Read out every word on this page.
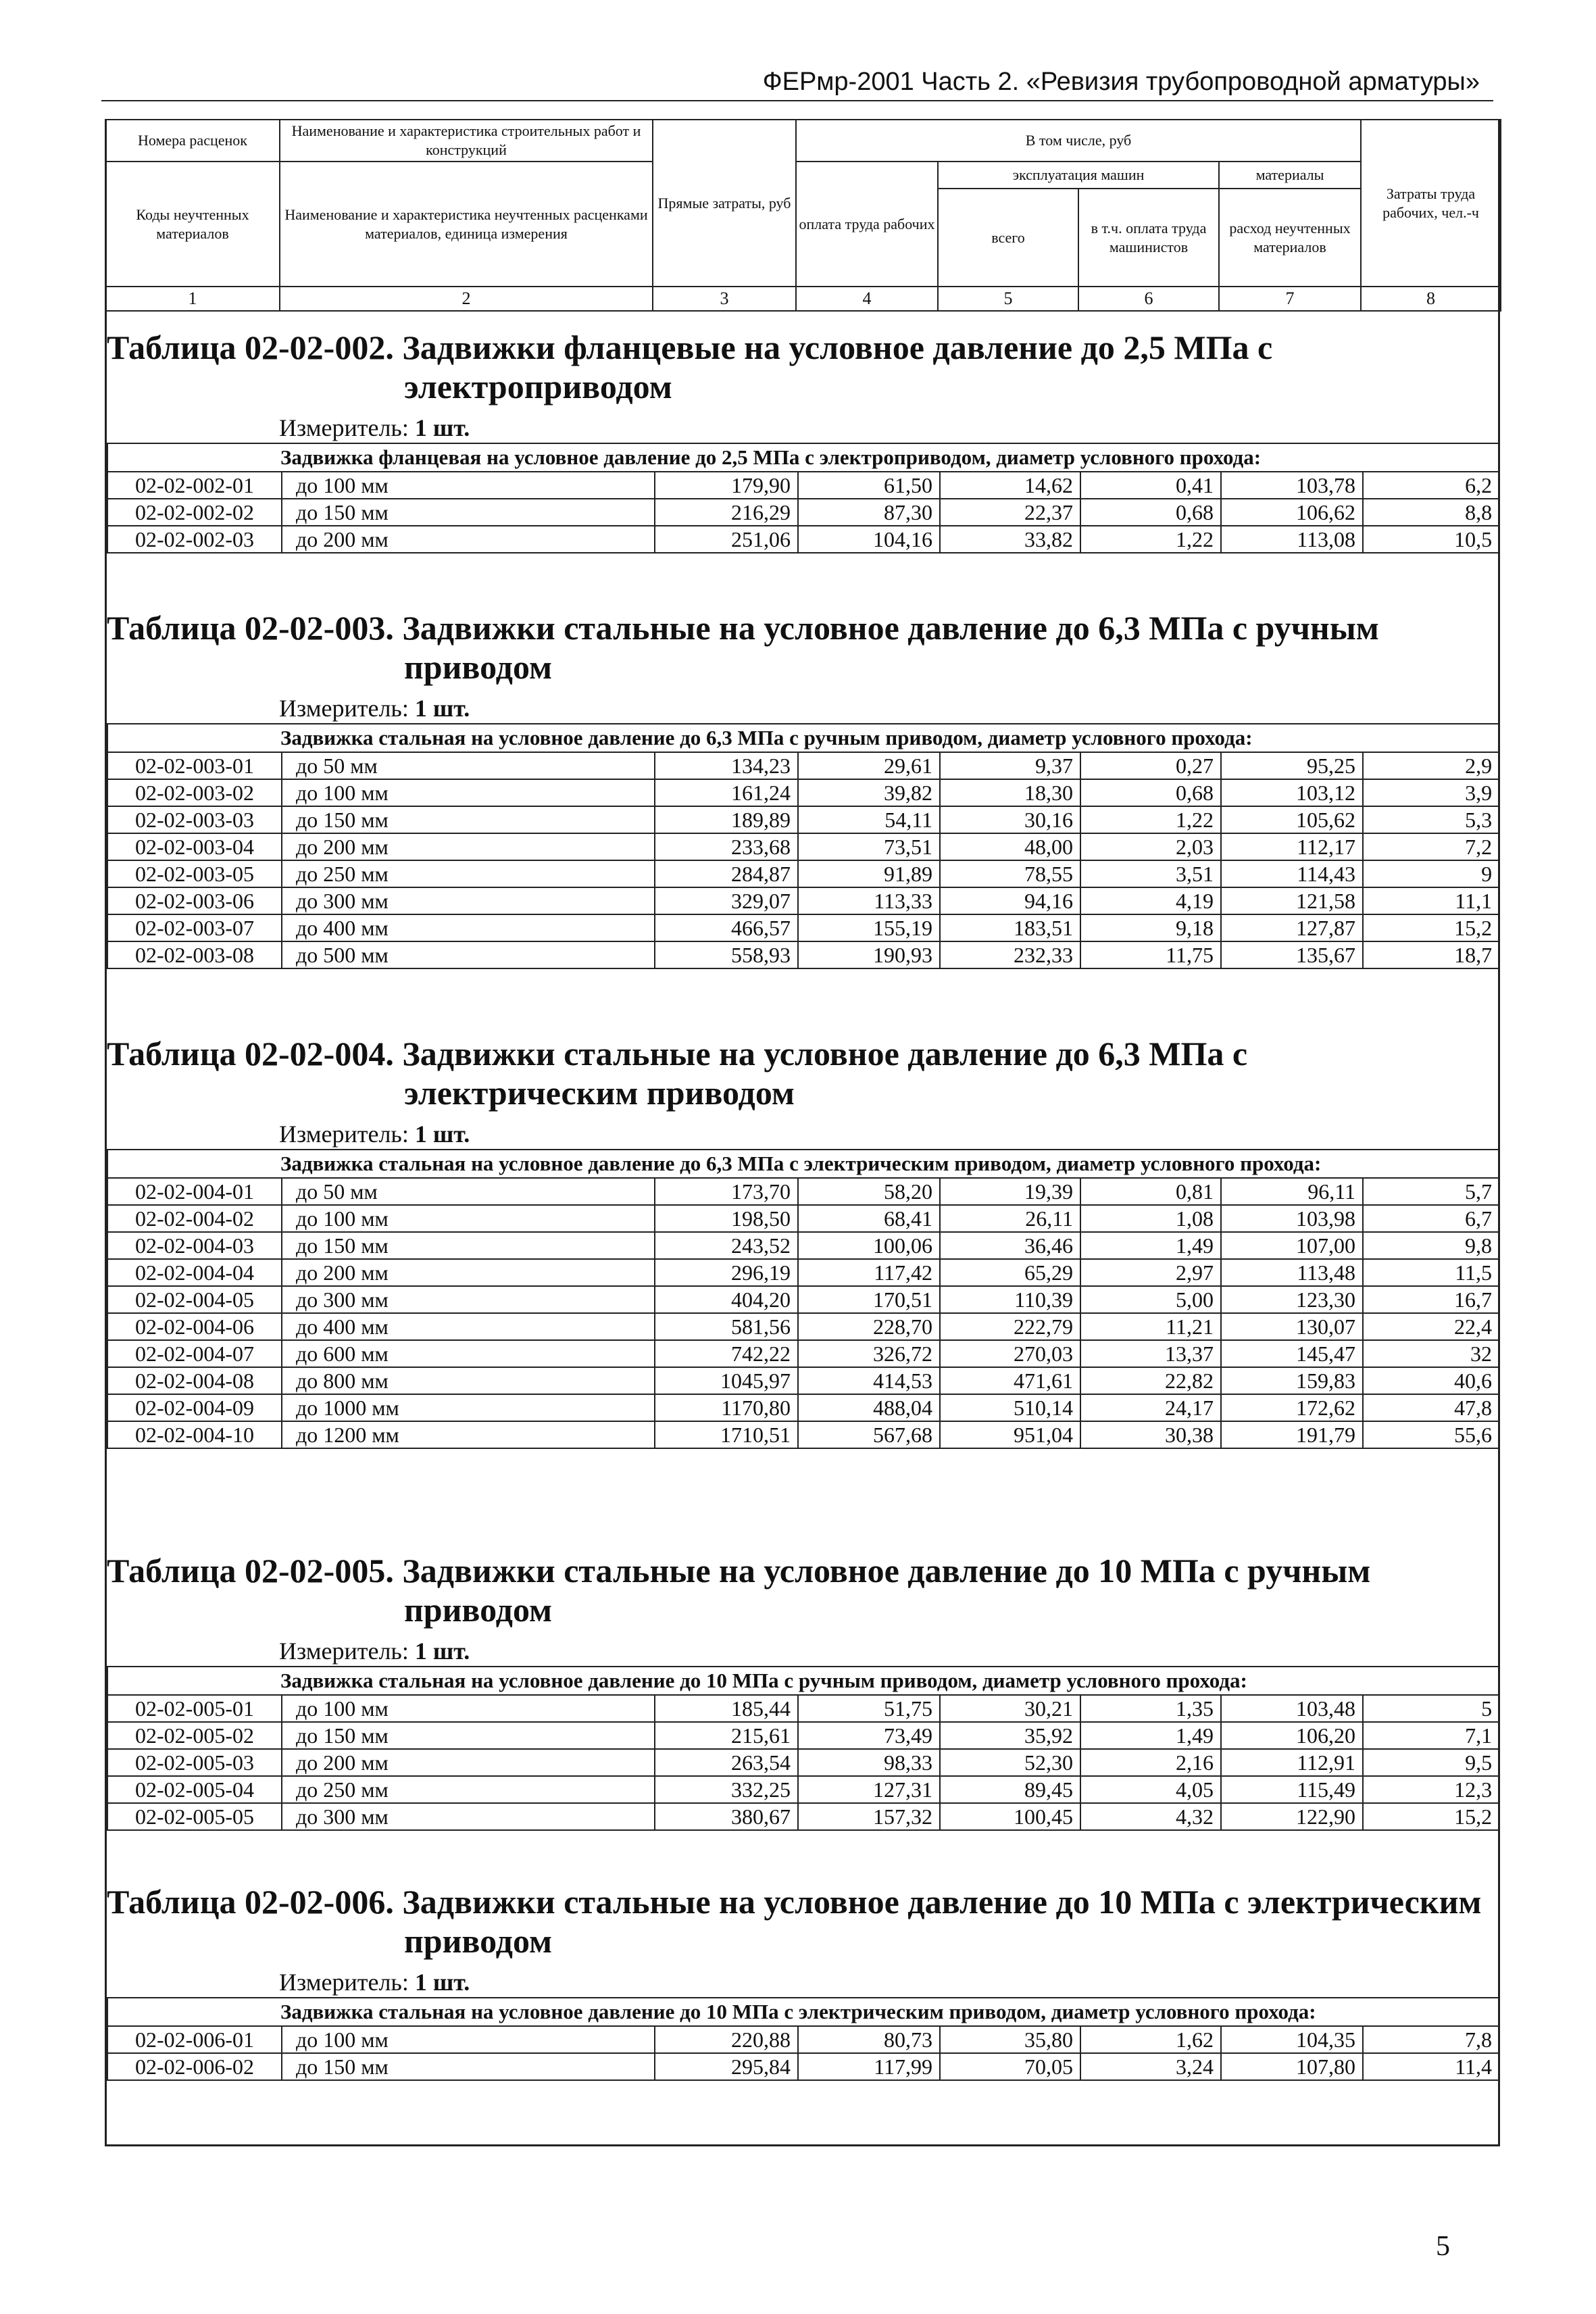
ФЕРмр-2001 Часть 2. «Ревизия трубопроводной арматуры»
Номера расценок	Наименование и характеристика строительных работ и конструкций	Прямые затраты, руб	В том числе, руб				Затраты труда рабочих, чел.-ч
Коды неучтенных материалов	Наименование и характеристика неучтенных расценками материалов, единица измерения		оплата труда рабочих	эксплуатация машин		материалы	
				всего	в т.ч. оплата труда машинистов	расход неучтенных материалов	
1	2	3	4	5	6	7	8
Таблица 02-02-002. Задвижки фланцевые на условное давление до 2,5 МПа с электроприводом
Измеритель: 1 шт.
Задвижка фланцевая на условное давление до 2,5 МПа с электроприводом, диаметр условного прохода:							
02-02-002-01	до 100 мм	179,90	61,50	14,62	0,41	103,78	6,2
02-02-002-02	до 150 мм	216,29	87,30	22,37	0,68	106,62	8,8
02-02-002-03	до 200 мм	251,06	104,16	33,82	1,22	113,08	10,5
Таблица 02-02-003. Задвижки стальные на условное давление до 6,3 МПа с ручным приводом
Измеритель: 1 шт.
Задвижка стальная на условное давление до 6,3 МПа с ручным приводом, диаметр условного прохода:							
02-02-003-01	до 50 мм	134,23	29,61	9,37	0,27	95,25	2,9
02-02-003-02	до 100 мм	161,24	39,82	18,30	0,68	103,12	3,9
02-02-003-03	до 150 мм	189,89	54,11	30,16	1,22	105,62	5,3
02-02-003-04	до 200 мм	233,68	73,51	48,00	2,03	112,17	7,2
02-02-003-05	до 250 мм	284,87	91,89	78,55	3,51	114,43	9
02-02-003-06	до 300 мм	329,07	113,33	94,16	4,19	121,58	11,1
02-02-003-07	до 400 мм	466,57	155,19	183,51	9,18	127,87	15,2
02-02-003-08	до 500 мм	558,93	190,93	232,33	11,75	135,67	18,7
Таблица 02-02-004. Задвижки стальные на условное давление до 6,3 МПа с электрическим приводом
Измеритель: 1 шт.
Задвижка стальная на условное давление до 6,3 МПа с электрическим приводом, диаметр условного прохода:							
02-02-004-01	до 50 мм	173,70	58,20	19,39	0,81	96,11	5,7
02-02-004-02	до 100 мм	198,50	68,41	26,11	1,08	103,98	6,7
02-02-004-03	до 150 мм	243,52	100,06	36,46	1,49	107,00	9,8
02-02-004-04	до 200 мм	296,19	117,42	65,29	2,97	113,48	11,5
02-02-004-05	до 300 мм	404,20	170,51	110,39	5,00	123,30	16,7
02-02-004-06	до 400 мм	581,56	228,70	222,79	11,21	130,07	22,4
02-02-004-07	до 600 мм	742,22	326,72	270,03	13,37	145,47	32
02-02-004-08	до 800 мм	1045,97	414,53	471,61	22,82	159,83	40,6
02-02-004-09	до 1000 мм	1170,80	488,04	510,14	24,17	172,62	47,8
02-02-004-10	до 1200 мм	1710,51	567,68	951,04	30,38	191,79	55,6
Таблица 02-02-005. Задвижки стальные на условное давление до 10 МПа с ручным приводом
Измеритель: 1 шт.
Задвижка стальная на условное давление до 10 МПа с ручным приводом, диаметр условного прохода:							
02-02-005-01	до 100 мм	185,44	51,75	30,21	1,35	103,48	5
02-02-005-02	до 150 мм	215,61	73,49	35,92	1,49	106,20	7,1
02-02-005-03	до 200 мм	263,54	98,33	52,30	2,16	112,91	9,5
02-02-005-04	до 250 мм	332,25	127,31	89,45	4,05	115,49	12,3
02-02-005-05	до 300 мм	380,67	157,32	100,45	4,32	122,90	15,2
Таблица 02-02-006. Задвижки стальные на условное давление до 10 МПа с электрическим приводом
Измеритель: 1 шт.
Задвижка стальная на условное давление до 10 МПа с электрическим приводом, диаметр условного прохода:							
02-02-006-01	до 100 мм	220,88	80,73	35,80	1,62	104,35	7,8
02-02-006-02	до 150 мм	295,84	117,99	70,05	3,24	107,80	11,4
5
